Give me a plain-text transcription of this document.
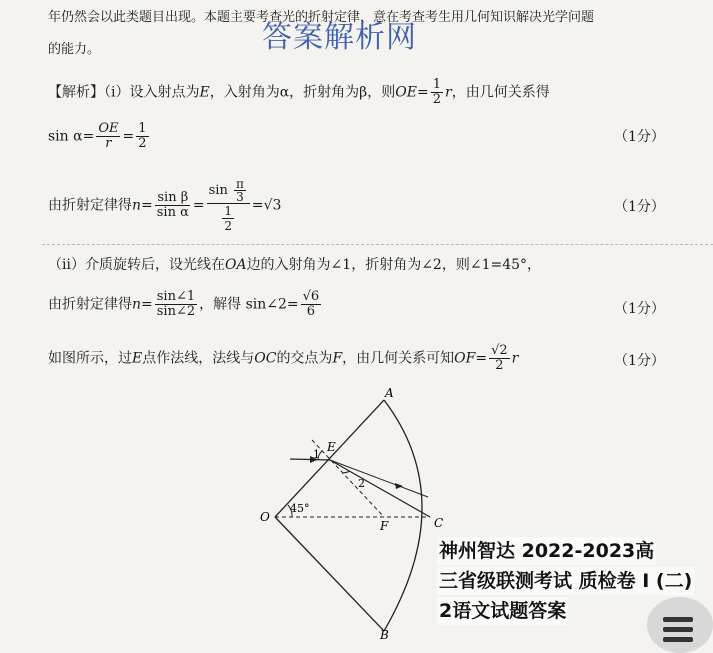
年仍然会以此类题目出现。本题主要考查光的折射定律，意在考查考生用几何知识解决光学问题
的能力。	答案解析网
【解析】（ⅰ）设入射点为E，入射角为α，折射角为β，则$OE= \frac{1}{2}$ r，由几何关系得
$\sin \alpha= \frac{OE}{r} = \frac{1}{2}$	（1分）
由折射定律得$n= \frac{\text{sin β}}{\text{sin α}} = \frac{\sin \frac{\pi}{3}}{\frac{1}{2}} =√3$	（1分）
（ⅱ）介质旋转后，设光线在OA边的入射角为∠1，折射角为∠2，则∠1=45°，
由折射定律得$n= \frac{\sin\angle 1}{\sin\angle 2}$ ，解得 sin∠2= $\frac{√6}{6}$	（1分）
如图所示，过E点作法线，法线与OC的交点为F，由几何关系可知$OF= \frac{√2}{2}$ r	（1分）
A
B
C
O
E
F
45°
1
2
神州智达 2022-2023高
三省级联测考试 质检卷 I (二)
2语文试题答案
